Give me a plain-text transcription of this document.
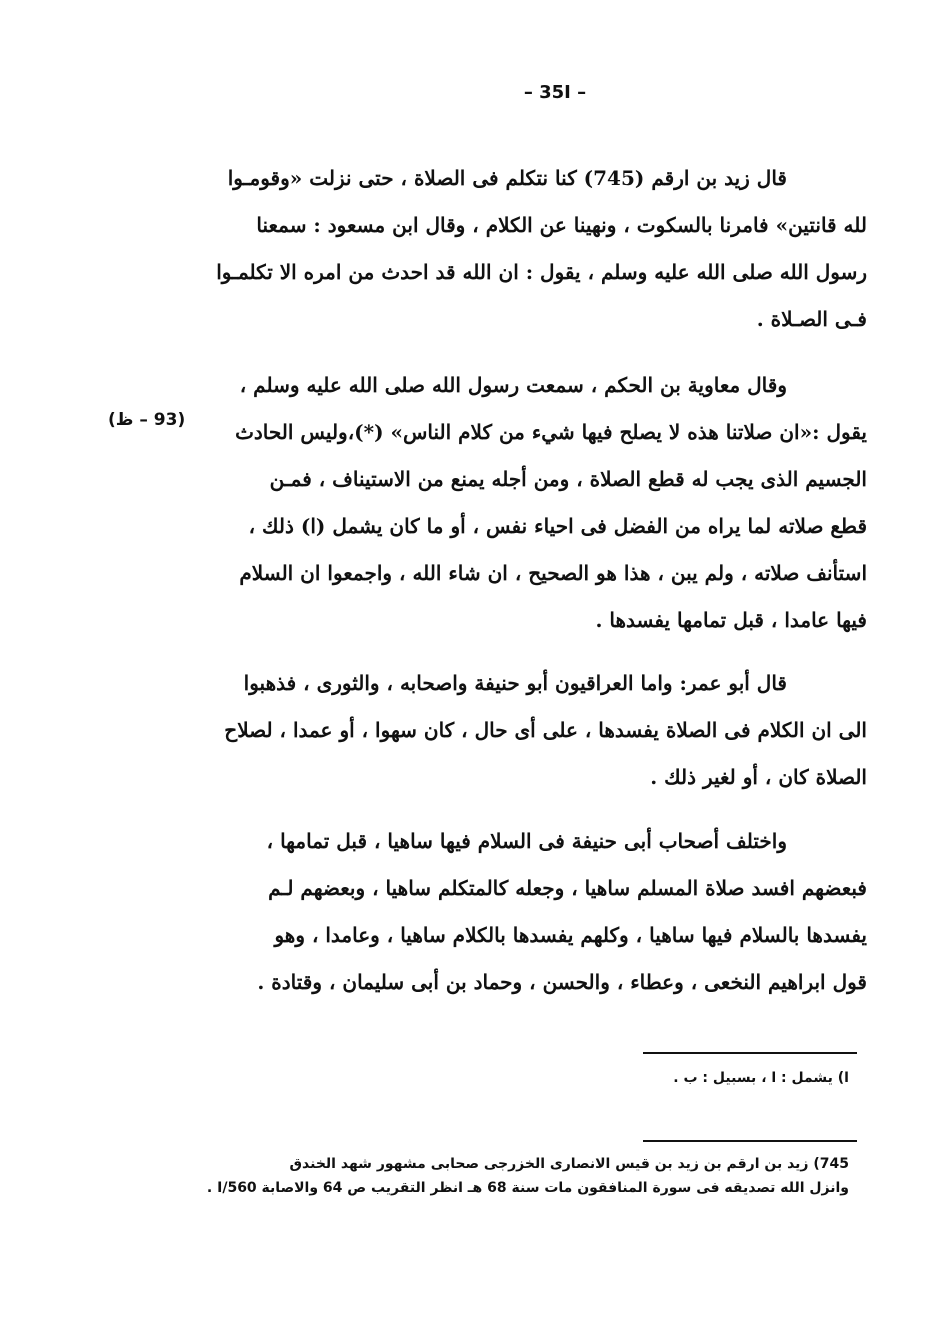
– 35I –
قال زيد بن ارقم (745) كنا نتكلم فى الصلاة ، حتى نزلت «وقومـوا
لله قانتين» فامرنا بالسكوت ، ونهينا عن الكلام ، وقال ابن مسعود : سمعنا
رسول الله صلى الله عليه وسلم ، يقول : ان الله قد احدث من امره الا تكلمـوا
فـى الصـلاة .
وقال معاوية بن الحكم ، سمعت رسول الله صلى الله عليه وسلم ،
يقول :«ان صلاتنا هذه لا يصلح فيها شيء من كلام الناس» (*)،وليس الحادث
الجسيم الذى يجب له قطع الصلاة ، ومن أجله يمنع من الاستيناف ، فمـن
قطع صلاته لما يراه من الفضل فى احياء نفس ، أو ما كان يشمل (ا) ذلك ،
استأنف صلاته ، ولم يبن ، هذا هو الصحيح ، ان شاء الله ، واجمعوا ان السلام
فيها عامدا ، قبل تمامها يفسدها .
(93 – ظ)
قال أبو عمر: واما العراقيون أبو حنيفة واصحابه ، والثورى ، فذهبوا
الى ان الكلام فى الصلاة يفسدها ، على أى حال ، كان سهوا ، أو عمدا ، لصلاح
الصلاة كان ، أو لغير ذلك .
واختلف أصحاب أبى حنيفة فى السلام فيها ساهيا ، قبل تمامها ،
فبعضهم افسد صلاة المسلم ساهيا ، وجعله كالمتكلم ساهيا ، وبعضهم لـم
يفسدها بالسلام فيها ساهيا ، وكلهم يفسدها بالكلام ساهيا ، وعامدا ، وهو
قول ابراهيم النخعى ، وعطاء ، والحسن ، وحماد بن أبى سليمان ، وقتادة .
ا) يشمل : ا ، بسبيل : ب .
745) زيد بن ارقم بن زيد بن قيس الانصارى الخزرجى صحابى مشهور شهد الخندق
وانزل الله تصديقه فى سورة المنافقون مات سنة 68 هـ انظر التقريب ص 64 والاصابة 560/I .
